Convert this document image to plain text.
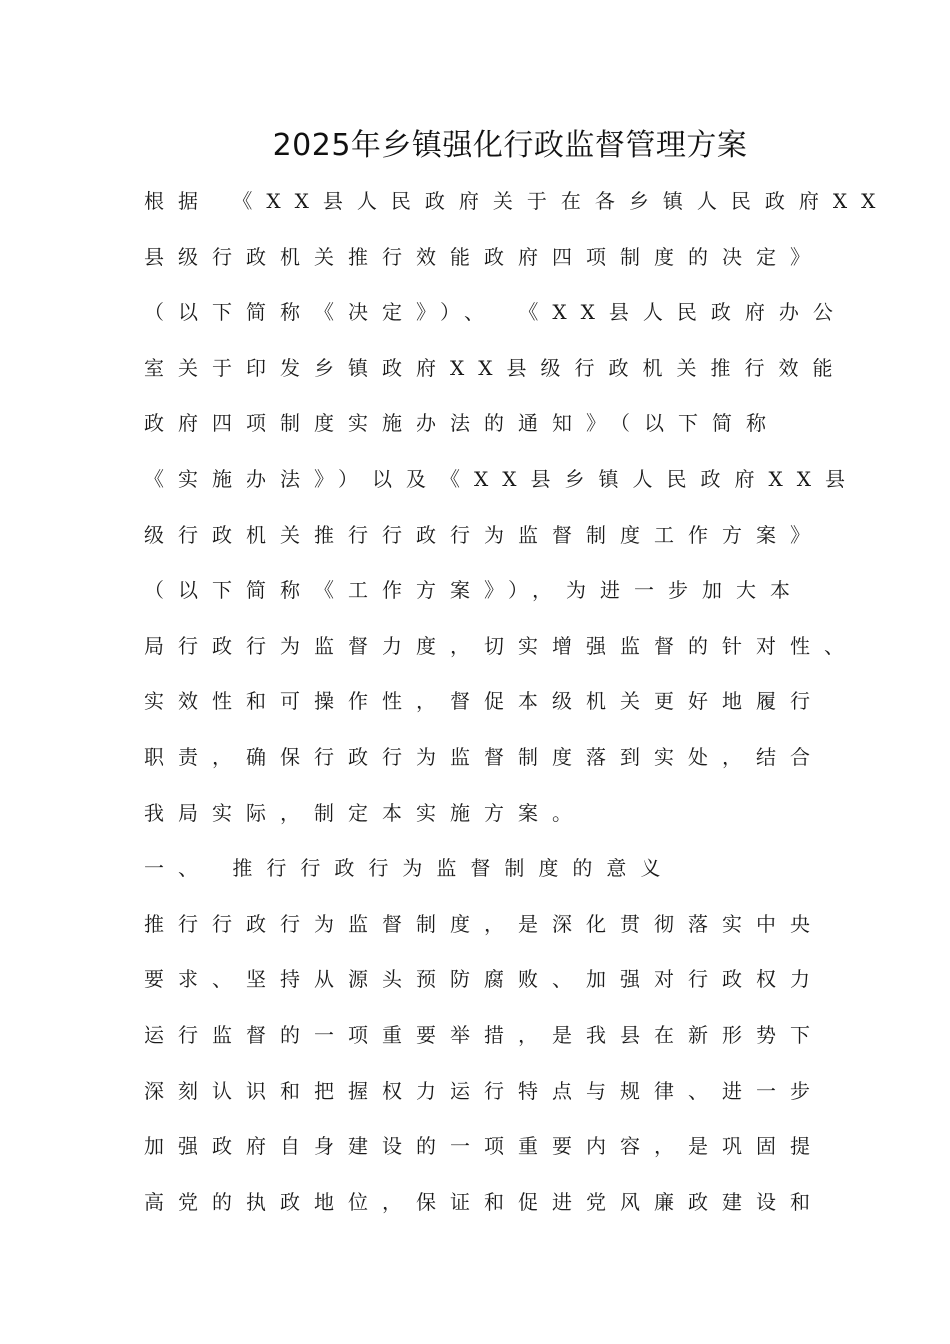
2025年乡镇强化行政监督管理方案
根据 《XX县人民政府关于在各乡镇人民政府XX
县级行政机关推行效能政府四项制度的决定》
（以下简称《决定》）、 《XX县人民政府办公
室关于印发乡镇政府XX县级行政机关推行效能
政府四项制度实施办法的通知》（以下简称
《实施办法》）以及《XX县乡镇人民政府XX县
级行政机关推行行政行为监督制度工作方案》
（以下简称《工作方案》），为进一步加大本
局行政行为监督力度，切实增强监督的针对性、
实效性和可操作性，督促本级机关更好地履行
职责，确保行政行为监督制度落到实处，结合
我局实际，制定本实施方案。
一、 推行行政行为监督制度的意义
推行行政行为监督制度，是深化贯彻落实中央
要求、坚持从源头预防腐败、加强对行政权力
运行监督的一项重要举措，是我县在新形势下
深刻认识和把握权力运行特点与规律、进一步
加强政府自身建设的一项重要内容，是巩固提
高党的执政地位，保证和促进党风廉政建设和
